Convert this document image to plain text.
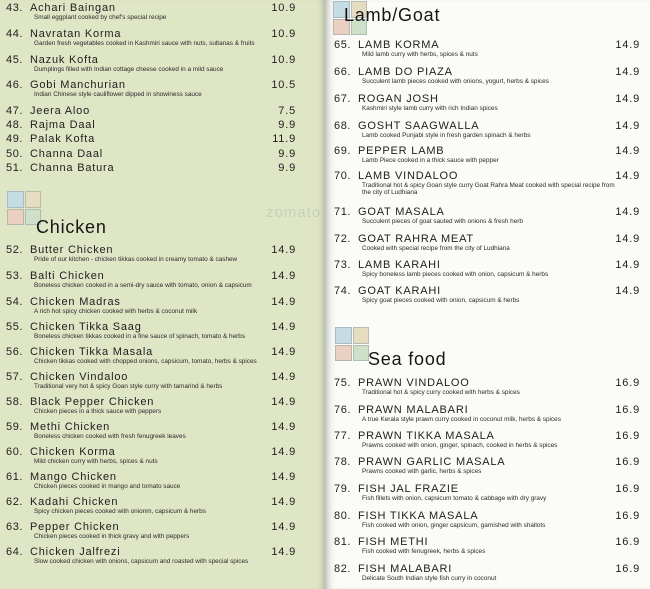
43. Achari Baingan	10.9
Small eggplant cooked by chef's special recipe
44. Navratan Korma	10.9
Garden fresh vegetables cooked in Kashmiri sauce with nuts, sultanas & fruits
45. Nazuk Kofta	10.9
Dumplings filled with Indian cottage cheese cooked in a mild sauce
46. Gobi Manchurian	10.5
Indian Chinese style cauliflower dipped in showiness sauce
47. Jeera Aloo	7.5
48. Rajma Daal	9.9
49. Palak Kofta	11.9
50. Channa Daal	9.9
51. Channa Batura	9.9
Chicken
52. Butter Chicken	14.9
Pride of our kitchen - chicken tikkas cooked in creamy tomato & cashew
53. Balti Chicken	14.9
Boneless chicken cooked in a semi-dry sauce with tomato, onion & capsicum
54. Chicken Madras	14.9
A rich hot spicy chicken cooked with herbs & coconut milk
55. Chicken Tikka Saag	14.9
Boneless chicken tikkas cooked in a fine sauce of spinach, tomato & herbs
56. Chicken Tikka Masala	14.9
Chicken tikkas cooked with chopped onions, capsicum, tomato, herbs & spices
57. Chicken Vindaloo	14.9
Traditional very hot & spicy Goan style curry with tamarind & herbs
58. Black Pepper Chicken	14.9
Chicken pieces in a thick sauce with peppers
59. Methi Chicken	14.9
Boneless chicken cooked with fresh fenugreek leaves
60. Chicken Korma	14.9
Mild chicken curry with herbs, spices & nuts
61. Mango Chicken	14.9
Chicken pieces cooked in mango and tomato sauce
62. Kadahi Chicken	14.9
Spicy chicken pieces cooked with onionm, capsicum & herbs
63. Pepper Chicken	14.9
Chicken pieces cooked in thick gravy and with peppers
64. Chicken Jalfrezi	14.9
Slow cooked chicken with onions, capsicum and roasted with special spices
Lamb/Goat
65. LAMB KORMA	14.9
Mild lamb curry with herbs, spices & nuts
66. LAMB DO PIAZA	14.9
Succulent lamb pieces cooked with onions, yogurt, herbs & spices
67. ROGAN JOSH	14.9
Kashmiri style lamb curry with rich Indian spices
68. GOSHT SAAGWALLA	14.9
Lamb cooked Punjabi style in fresh garden spinach & herbs
69. PEPPER LAMB	14.9
Lamb Piece cooked in a thick sauce with pepper
70. LAMB VINDALOO	14.9
Traditional hot & spicy Goan style curry Goat Rahra Meat cooked with special recipe from the city of Ludhiana
71. GOAT MASALA	14.9
Succulent pieces of goat sauted with onions & fresh herb
72. GOAT RAHRA MEAT	14.9
Cooked with special recipe from the city of Ludhiana
73. LAMB KARAHI	14.9
Spicy boneless lamb pieces cooked with onion, capsicum & herbs
74. GOAT KARAHI	14.9
Spicy goat pieces cooked with onion, capsicum & herbs
Sea food
75. PRAWN VINDALOO	16.9
Traditional hot & spicy curry cooked with herbs & spices
76. PRAWN MALABARI	16.9
A true Kerala style prawn curry cooked in coconut milk, herbs & spices
77. PRAWN TIKKA MASALA	16.9
Prawns cooked with onion, ginger, spinach, cooked in herbs & spices
78. PRAWN GARLIC MASALA	16.9
Prawns cooked with garlic, herbs & spices
79. FISH JAL FRAZIE	16.9
Fish fillets with onion, capsicum tomato & cabbage with dry gravy
80. FISH TIKKA MASALA	16.9
Fish cooked with onion, ginger capsicum, garnished with shallots
81. FISH METHI	16.9
Fish cooked with fenugreek, herbs & spices
82. FISH MALABARI	16.9
Delicate South Indian style fish curry in coconut
zomato
